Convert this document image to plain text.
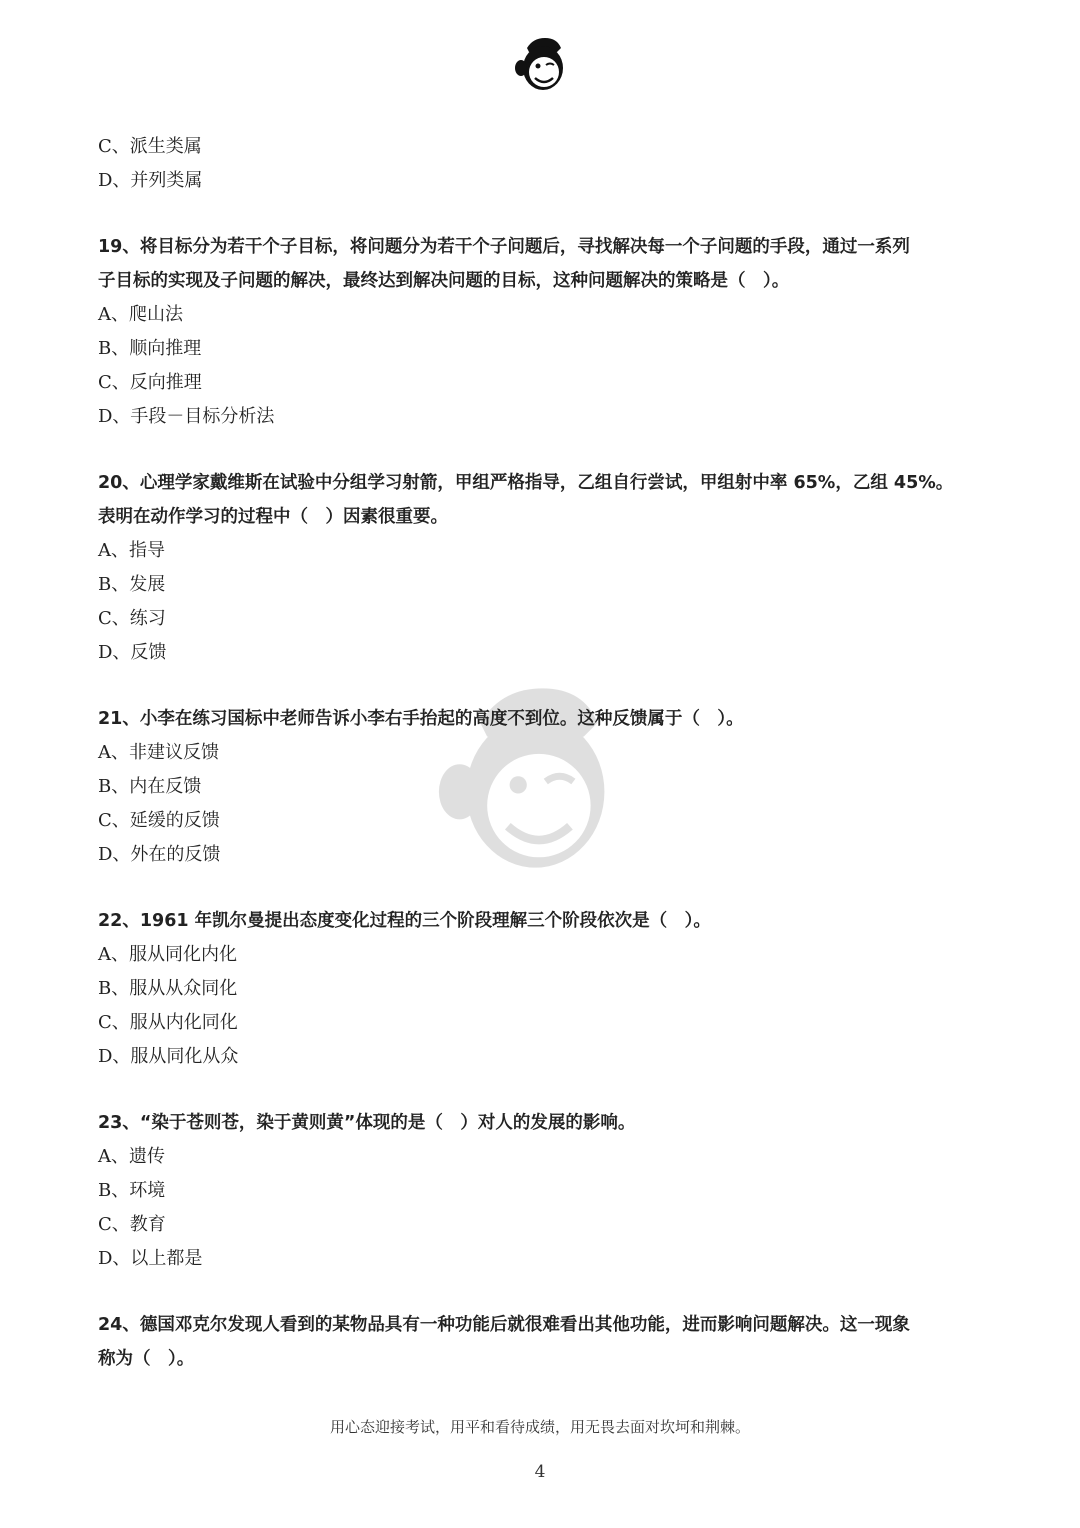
C、派生类属
D、并列类属
19、将目标分为若干个子目标，将问题分为若干个子问题后，寻找解决每一个子问题的手段，通过一系列
子目标的实现及子问题的解决，最终达到解决问题的目标，这种问题解决的策略是（　）。
A、爬山法
B、顺向推理
C、反向推理
D、手段－目标分析法
20、心理学家戴维斯在试验中分组学习射箭，甲组严格指导，乙组自行尝试，甲组射中率 65%，乙组 45%。
表明在动作学习的过程中（　）因素很重要。
A、指导
B、发展
C、练习
D、反馈
21、小李在练习国标中老师告诉小李右手抬起的高度不到位。这种反馈属于（　）。
A、非建议反馈
B、内在反馈
C、延缓的反馈
D、外在的反馈
22、1961 年凯尔曼提出态度变化过程的三个阶段理解三个阶段依次是（　）。
A、服从同化内化
B、服从从众同化
C、服从内化同化
D、服从同化从众
23、“染于苍则苍，染于黄则黄”体现的是（　）对人的发展的影响。
A、遗传
B、环境
C、教育
D、以上都是
24、德国邓克尔发现人看到的某物品具有一种功能后就很难看出其他功能，进而影响问题解决。这一现象
称为（　）。
用心态迎接考试，用平和看待成绩，用无畏去面对坎坷和荆棘。
4
